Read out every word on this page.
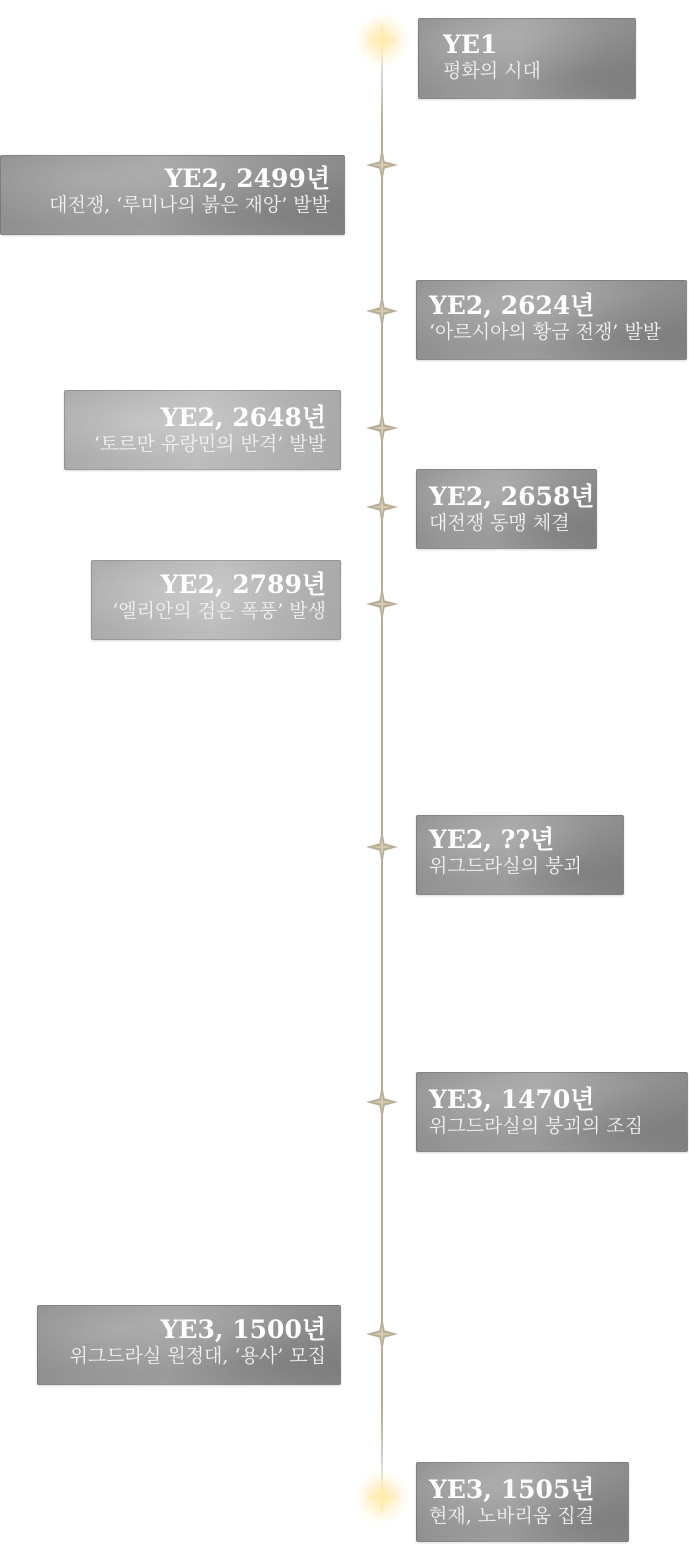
YE1
평화의 시대
YE2, 2499년
대전쟁, ‘루미나의 붉은 재앙’ 발발
YE2, 2624년
‘아르시아의 황금 전쟁’ 발발
YE2, 2648년
‘토르만 유랑민의 반격’ 발발
YE2, 2658년
대전쟁 동맹 체결
YE2, 2789년
‘엘리안의 검은 폭풍’ 발생
YE2, ??년
위그드라실의 붕괴
YE3, 1470년
위그드라실의 붕괴의 조짐
YE3, 1500년
위그드라실 원정대, ‘용사’ 모집
YE3, 1505년
현재, 노바리움 집결
